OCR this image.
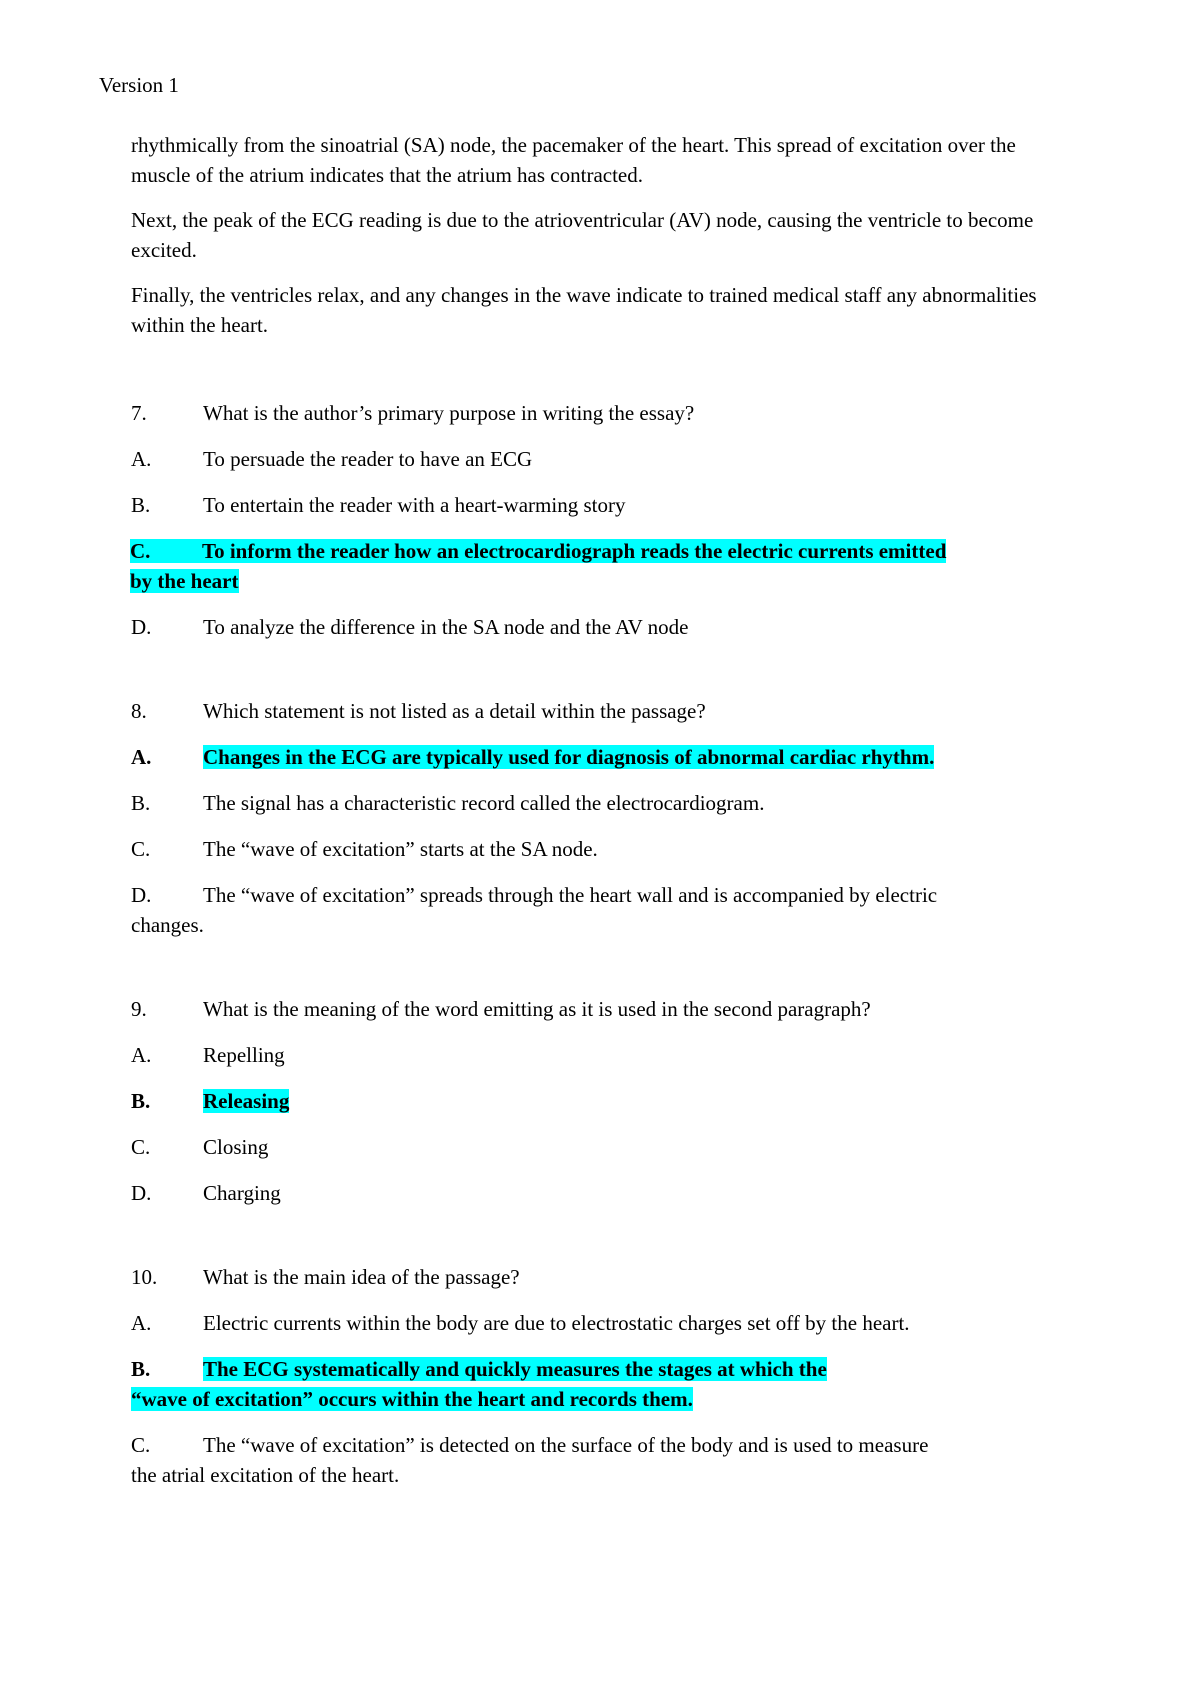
Version 1

rhythmically from the sinoatrial (SA) node, the pacemaker of the heart. This spread of excitation over the muscle of the atrium indicates that the atrium has contracted.

Next, the peak of the ECG reading is due to the atrioventricular (AV) node, causing the ventricle to become excited.

Finally, the ventricles relax, and any changes in the wave indicate to trained medical staff any abnormalities within the heart.

7.	What is the author’s primary purpose in writing the essay?
A. To persuade the reader to have an ECG
B.	To entertain the reader with a heart-warming story
C. To inform the reader how an electrocardiograph reads the electric currents emitted
by the heart
D. To analyze the difference in the SA node and the AV node
8.	Which statement is not listed as a detail within the passage?
A. Changes in the ECG are typically used for diagnosis of abnormal cardiac rhythm.
B.	The signal has a characteristic record called the electrocardiogram.
C.	The “wave of excitation” starts at the SA node.
D. The “wave of excitation” spreads through the heart wall and is accompanied by electric
changes.
9.	What is the meaning of the word emitting as it is used in the second paragraph?
A. Repelling
B.	Releasing
C.	Closing
D. Charging
10. What is the main idea of the passage?
A. Electric currents within the body are due to electrostatic charges set off by the heart.
B.	The ECG systematically and quickly measures the stages at which the
“wave of excitation” occurs within the heart and records them.
C.	The “wave of excitation” is detected on the surface of the body and is used to measure
the atrial excitation of the heart.
